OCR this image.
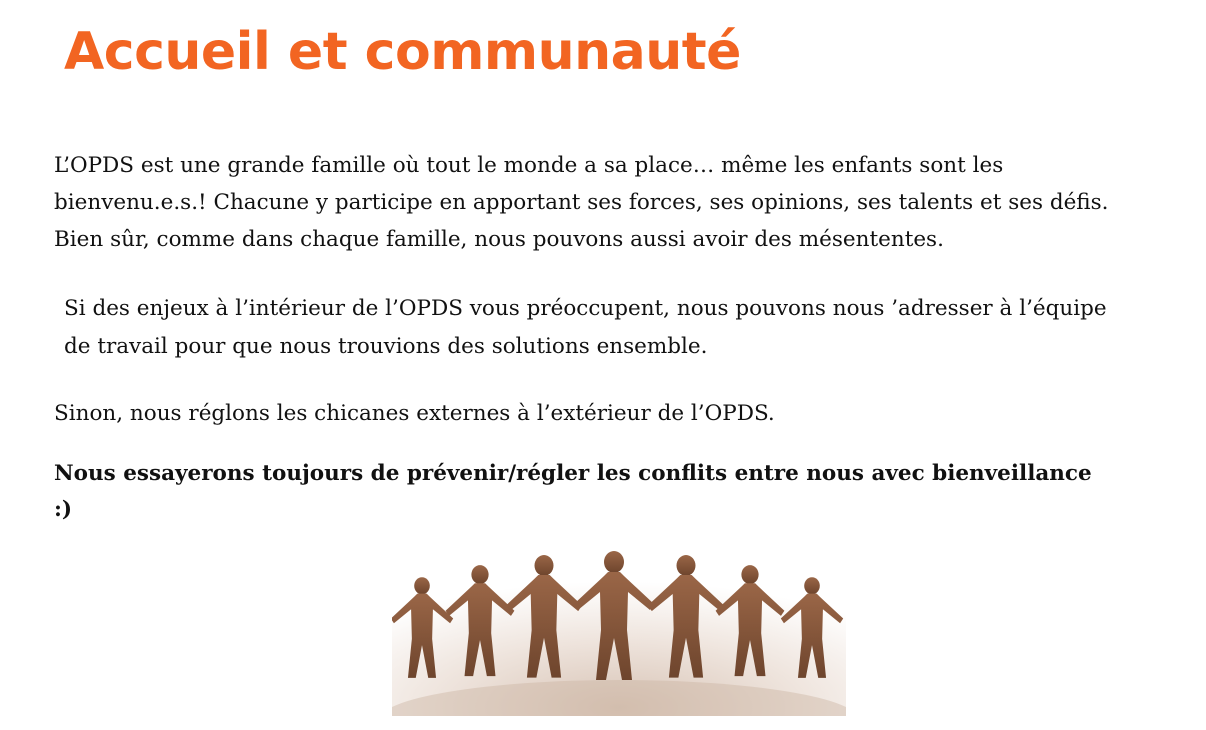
Accueil et communauté

L’OPDS est une grande famille où tout le monde a sa place… même les enfants sont les
bienvenu.e.s.! Chacune y participe en apportant ses forces, ses opinions, ses talents et ses défis.
Bien sûr, comme dans chaque famille, nous pouvons aussi avoir des mésententes.

Si des enjeux à l’intérieur de l’OPDS vous préoccupent, nous pouvons nous ’adresser à l’équipe
de travail pour que nous trouvions des solutions ensemble.

Sinon, nous réglons les chicanes externes à l’extérieur de l’OPDS.

Nous essayerons toujours de prévenir/régler les conflits entre nous avec bienveillance
:)
